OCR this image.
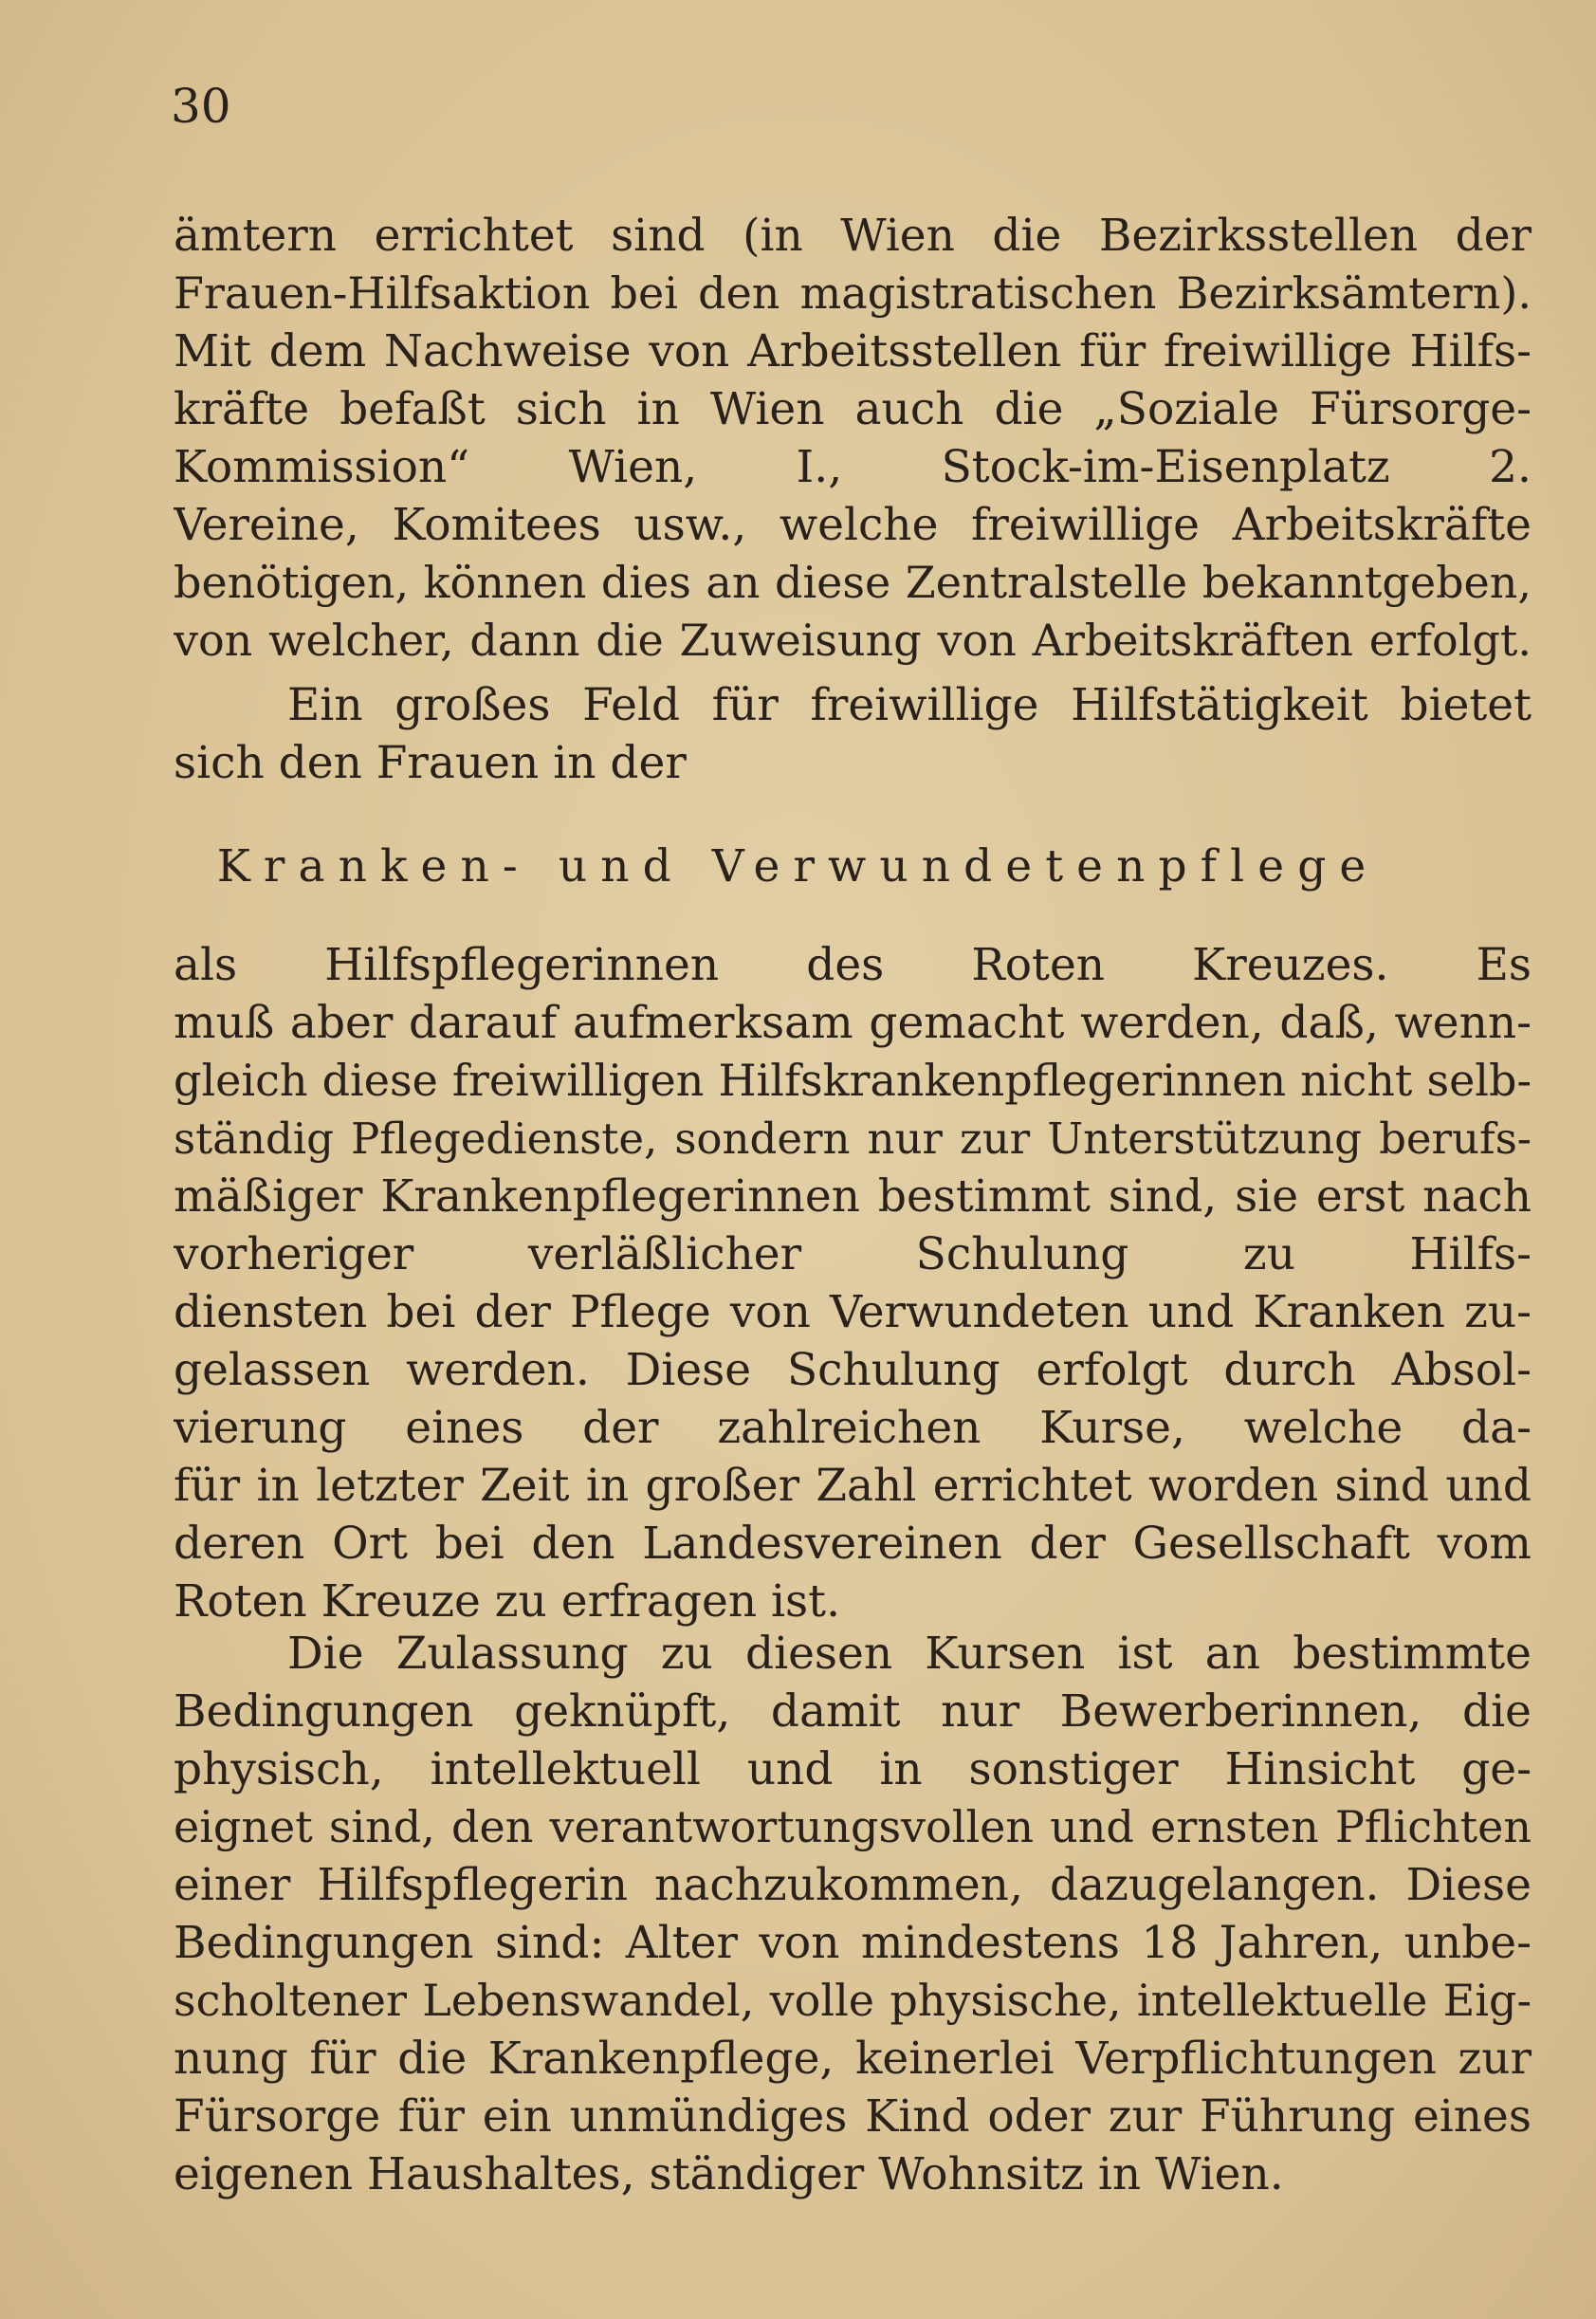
30
ämtern errichtet sind (in Wien die Bezirksstellen der
Frauen-Hilfsaktion bei den magistratischen Bezirksämtern).
Mit dem Nachweise von Arbeitsstellen für freiwillige Hilfs-
kräfte befaßt sich in Wien auch die „Soziale Fürsorge-
Kommission“ Wien, I., Stock-im-Eisenplatz 2.
Vereine, Komitees usw., welche freiwillige Arbeitskräfte
benötigen, können dies an diese Zentralstelle bekanntgeben,
von welcher, dann die Zuweisung von Arbeitskräften erfolgt.
Ein großes Feld für freiwillige Hilfstätigkeit bietet
sich den Frauen in der
Kranken- und Verwundetenpflege
als Hilfspflegerinnen des Roten Kreuzes. Es
muß aber darauf aufmerksam gemacht werden, daß, wenn-
gleich diese freiwilligen Hilfskrankenpflegerinnen nicht selb-
ständig Pflegedienste, sondern nur zur Unterstützung berufs-
mäßiger Krankenpflegerinnen bestimmt sind, sie erst nach
vorheriger verläßlicher Schulung zu Hilfs-
diensten bei der Pflege von Verwundeten und Kranken zu-
gelassen werden. Diese Schulung erfolgt durch Absol-
vierung eines der zahlreichen Kurse, welche da-
für in letzter Zeit in großer Zahl errichtet worden sind und
deren Ort bei den Landesvereinen der Gesellschaft vom
Roten Kreuze zu erfragen ist.
Die Zulassung zu diesen Kursen ist an bestimmte
Bedingungen geknüpft, damit nur Bewerberinnen, die
physisch, intellektuell und in sonstiger Hinsicht ge-
eignet sind, den verantwortungsvollen und ernsten Pflichten
einer Hilfspflegerin nachzukommen, dazugelangen. Diese
Bedingungen sind: Alter von mindestens 18 Jahren, unbe-
scholtener Lebenswandel, volle physische, intellektuelle Eig-
nung für die Krankenpflege, keinerlei Verpflichtungen zur
Fürsorge für ein unmündiges Kind oder zur Führung eines
eigenen Haushaltes, ständiger Wohnsitz in Wien.
